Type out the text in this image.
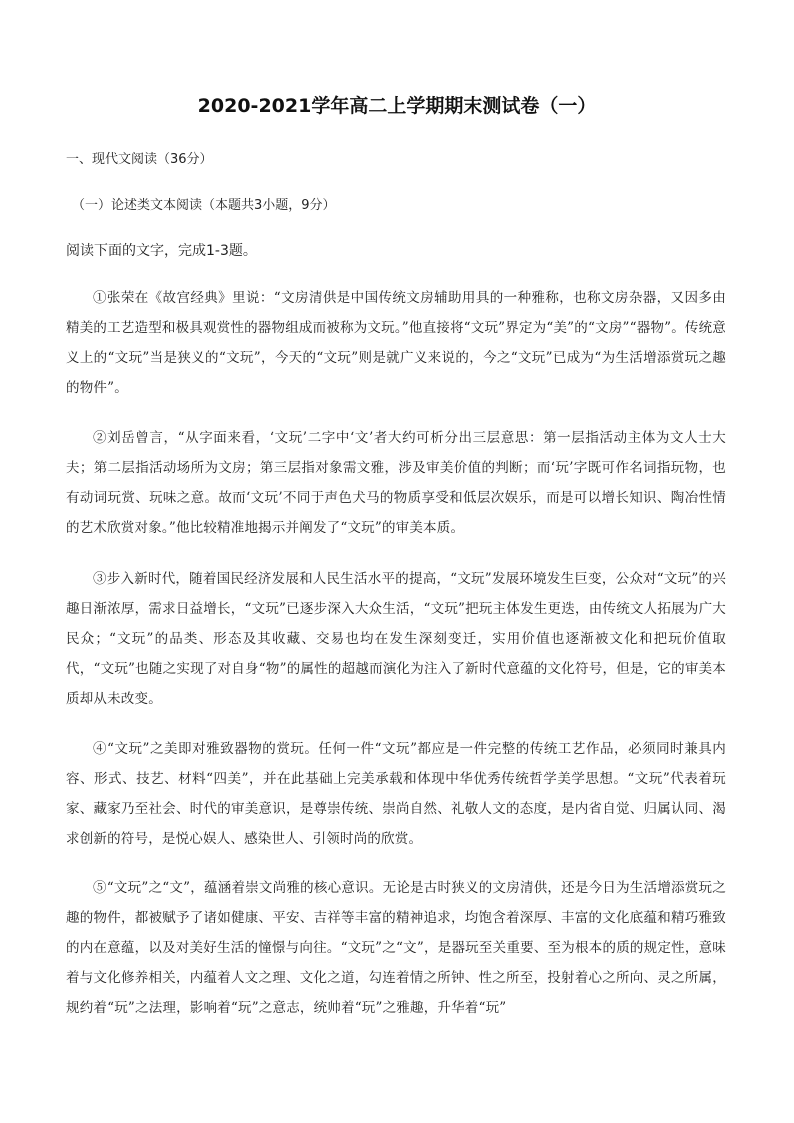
2020-2021学年高二上学期期末测试卷（一）
一、现代文阅读（36分）
（一）论述类文本阅读（本题共3小题，9分）
阅读下面的文字，完成1-3题。

①张荣在《故宫经典》里说：“文房清供是中国传统文房辅助用具的一种雅称，也称文房杂器，又因多由精美的工艺造型和极具观赏性的器物组成而被称为文玩。”他直接将“文玩”界定为“美”的“文房”“器物”。传统意义上的“文玩”当是狭义的“文玩”，今天的“文玩”则是就广义来说的，今之“文玩”已成为“为生活增添赏玩之趣的物件”。

②刘岳曾言，“从字面来看，‘文玩’二字中‘文’者大约可析分出三层意思：第一层指活动主体为文人士大夫；第二层指活动场所为文房；第三层指对象需文雅，涉及审美价值的判断；而‘玩’字既可作名词指玩物，也有动词玩赏、玩味之意。故而‘文玩’不同于声色犬马的物质享受和低层次娱乐，而是可以增长知识、陶冶性情的艺术欣赏对象。”他比较精准地揭示并阐发了“文玩”的审美本质。

③步入新时代，随着国民经济发展和人民生活水平的提高，“文玩”发展环境发生巨变，公众对“文玩”的兴趣日渐浓厚，需求日益增长，“文玩”已逐步深入大众生活，“文玩”把玩主体发生更迭，由传统文人拓展为广大民众；“文玩”的品类、形态及其收藏、交易也均在发生深刻变迁，实用价值也逐渐被文化和把玩价值取代，“文玩”也随之实现了对自身“物”的属性的超越而演化为注入了新时代意蕴的文化符号，但是，它的审美本质却从未改变。

④“文玩”之美即对雅致器物的赏玩。任何一件“文玩”都应是一件完整的传统工艺作品，必须同时兼具内容、形式、技艺、材料“四美”，并在此基础上完美承载和体现中华优秀传统哲学美学思想。“文玩”代表着玩家、藏家乃至社会、时代的审美意识，是尊崇传统、崇尚自然、礼敬人文的态度，是内省自觉、归属认同、渴求创新的符号，是悦心娱人、感染世人、引领时尚的欣赏。

⑤“文玩”之“文”，蕴涵着崇文尚雅的核心意识。无论是古时狭义的文房清供，还是今日为生活增添赏玩之趣的物件，都被赋予了诸如健康、平安、吉祥等丰富的精神追求，均饱含着深厚、丰富的文化底蕴和精巧雅致的内在意蕴，以及对美好生活的憧憬与向往。“文玩”之“文”，是器玩至关重要、至为根本的质的规定性，意味着与文化修养相关，内蕴着人文之理、文化之道，勾连着情之所钟、性之所至，投射着心之所向、灵之所属，规约着“玩”之法理，影响着“玩”之意志，统帅着“玩”之雅趣，升华着“玩”
